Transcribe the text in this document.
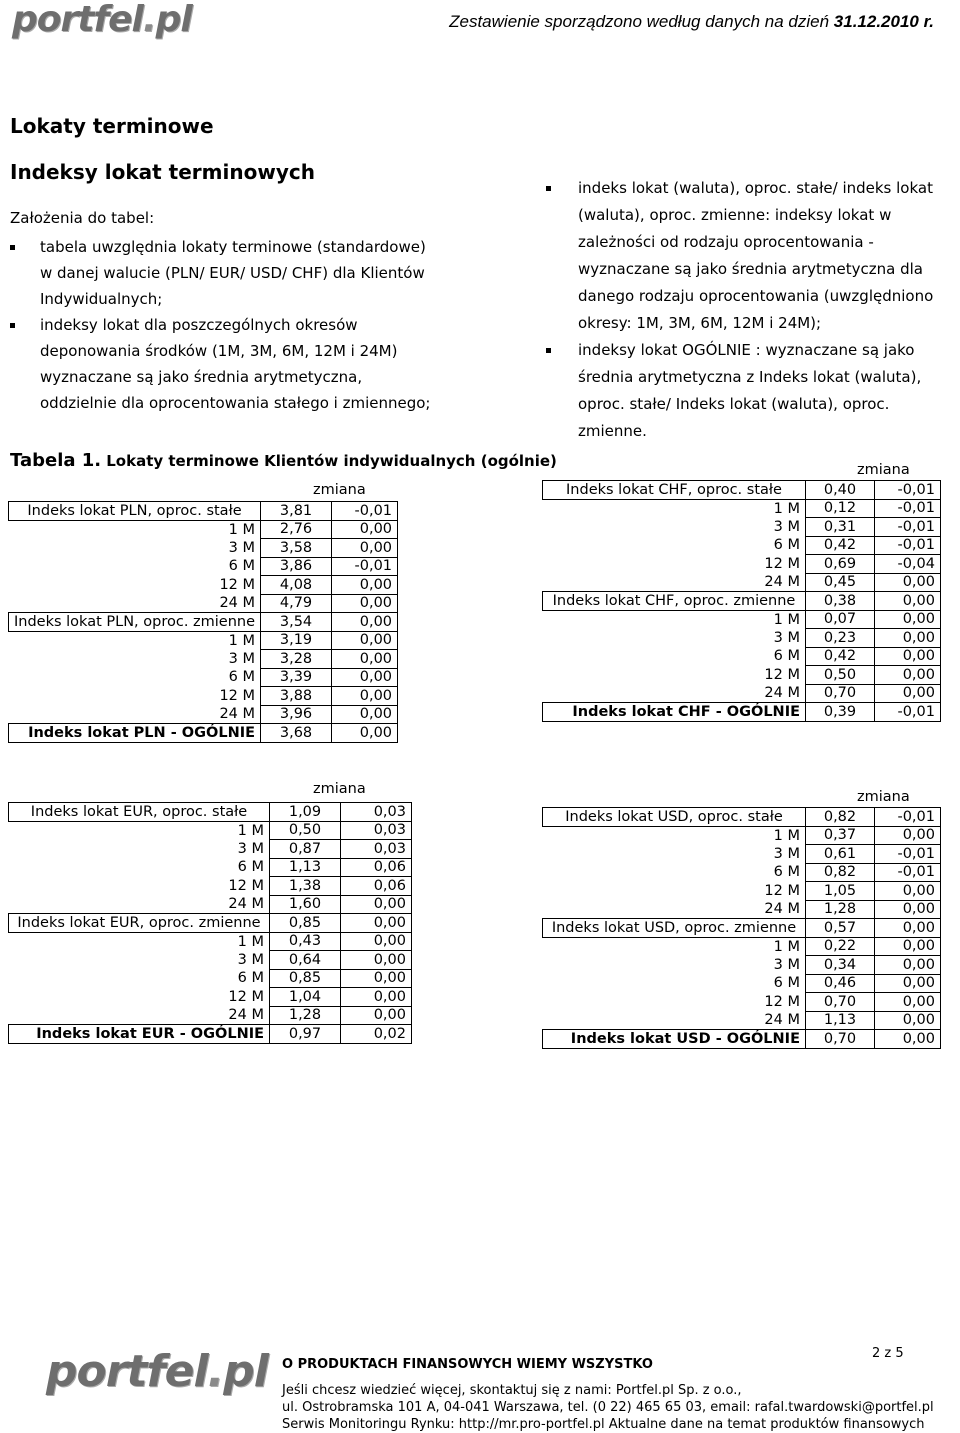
portfel.pl	Zestawienie sporządzono według danych na dzień 31.12.2010 r.
Lokaty terminowe
Indeksy lokat terminowych
Założenia do tabel:
tabela uwzględnia lokaty terminowe (standardowe) w danej walucie (PLN/ EUR/ USD/ CHF) dla Klientów Indywidualnych;
indeksy lokat dla poszczególnych okresów deponowania środków (1M, 3M, 6M, 12M i 24M) wyznaczane są jako średnia arytmetyczna, oddzielnie dla oprocentowania stałego i zmiennego;
indeks lokat (waluta), oproc. stałe/ indeks lokat (waluta), oproc. zmienne: indeksy lokat w zależności od rodzaju oprocentowania - wyznaczane są jako średnia arytmetyczna dla danego rodzaju oprocentowania (uwzględniono okresy: 1M, 3M, 6M, 12M i 24M);
indeksy lokat OGÓLNIE : wyznaczane są jako średnia arytmetyczna z Indeks lokat (waluta), oproc. stałe/ Indeks lokat (waluta), oproc. zmienne.
Tabela 1. Lokaty terminowe Klientów indywidualnych (ogólnie)
zmiana
zmiana
zmiana	zmiana
Indeks lokat PLN, oproc. stałe	3,81	-0,01
1 M	2,76	0,00
3 M	3,58	0,00
6 M	3,86	-0,01
12 M	4,08	0,00
24 M	4,79	0,00
Indeks lokat PLN, oproc. zmienne	3,54	0,00
1 M	3,19	0,00
3 M	3,28	0,00
6 M	3,39	0,00
12 M	3,88	0,00
24 M	3,96	0,00
Indeks lokat PLN - OGÓLNIE	3,68	0,00
Indeks lokat CHF, oproc. stałe	0,40	-0,01
1 M	0,12	-0,01
3 M	0,31	-0,01
6 M	0,42	-0,01
12 M	0,69	-0,04
24 M	0,45	0,00
Indeks lokat CHF, oproc. zmienne	0,38	0,00
1 M	0,07	0,00
3 M	0,23	0,00
6 M	0,42	0,00
12 M	0,50	0,00
24 M	0,70	0,00
Indeks lokat CHF - OGÓLNIE	0,39	-0,01
Indeks lokat EUR, oproc. stałe	1,09	0,03
1 M	0,50	0,03
3 M	0,87	0,03
6 M	1,13	0,06
12 M	1,38	0,06
24 M	1,60	0,00
Indeks lokat EUR, oproc. zmienne	0,85	0,00
1 M	0,43	0,00
3 M	0,64	0,00
6 M	0,85	0,00
12 M	1,04	0,00
24 M	1,28	0,00
Indeks lokat EUR - OGÓLNIE	0,97	0,02
Indeks lokat USD, oproc. stałe	0,82	-0,01
1 M	0,37	0,00
3 M	0,61	-0,01
6 M	0,82	-0,01
12 M	1,05	0,00
24 M	1,28	0,00
Indeks lokat USD, oproc. zmienne	0,57	0,00
1 M	0,22	0,00
3 M	0,34	0,00
6 M	0,46	0,00
12 M	0,70	0,00
24 M	1,13	0,00
Indeks lokat USD - OGÓLNIE	0,70	0,00
2 z 5
portfel.pl O PRODUKTACH FINANSOWYCH WIEMY WSZYSTKO
Jeśli chcesz wiedzieć więcej, skontaktuj się z nami: Portfel.pl Sp. z o.o.,
ul. Ostrobramska 101 A, 04-041 Warszawa, tel. (0 22) 465 65 03, email: rafal.twardowski@portfel.pl
Serwis Monitoringu Rynku: http://mr.pro-portfel.pl Aktualne dane na temat produktów finansowych
